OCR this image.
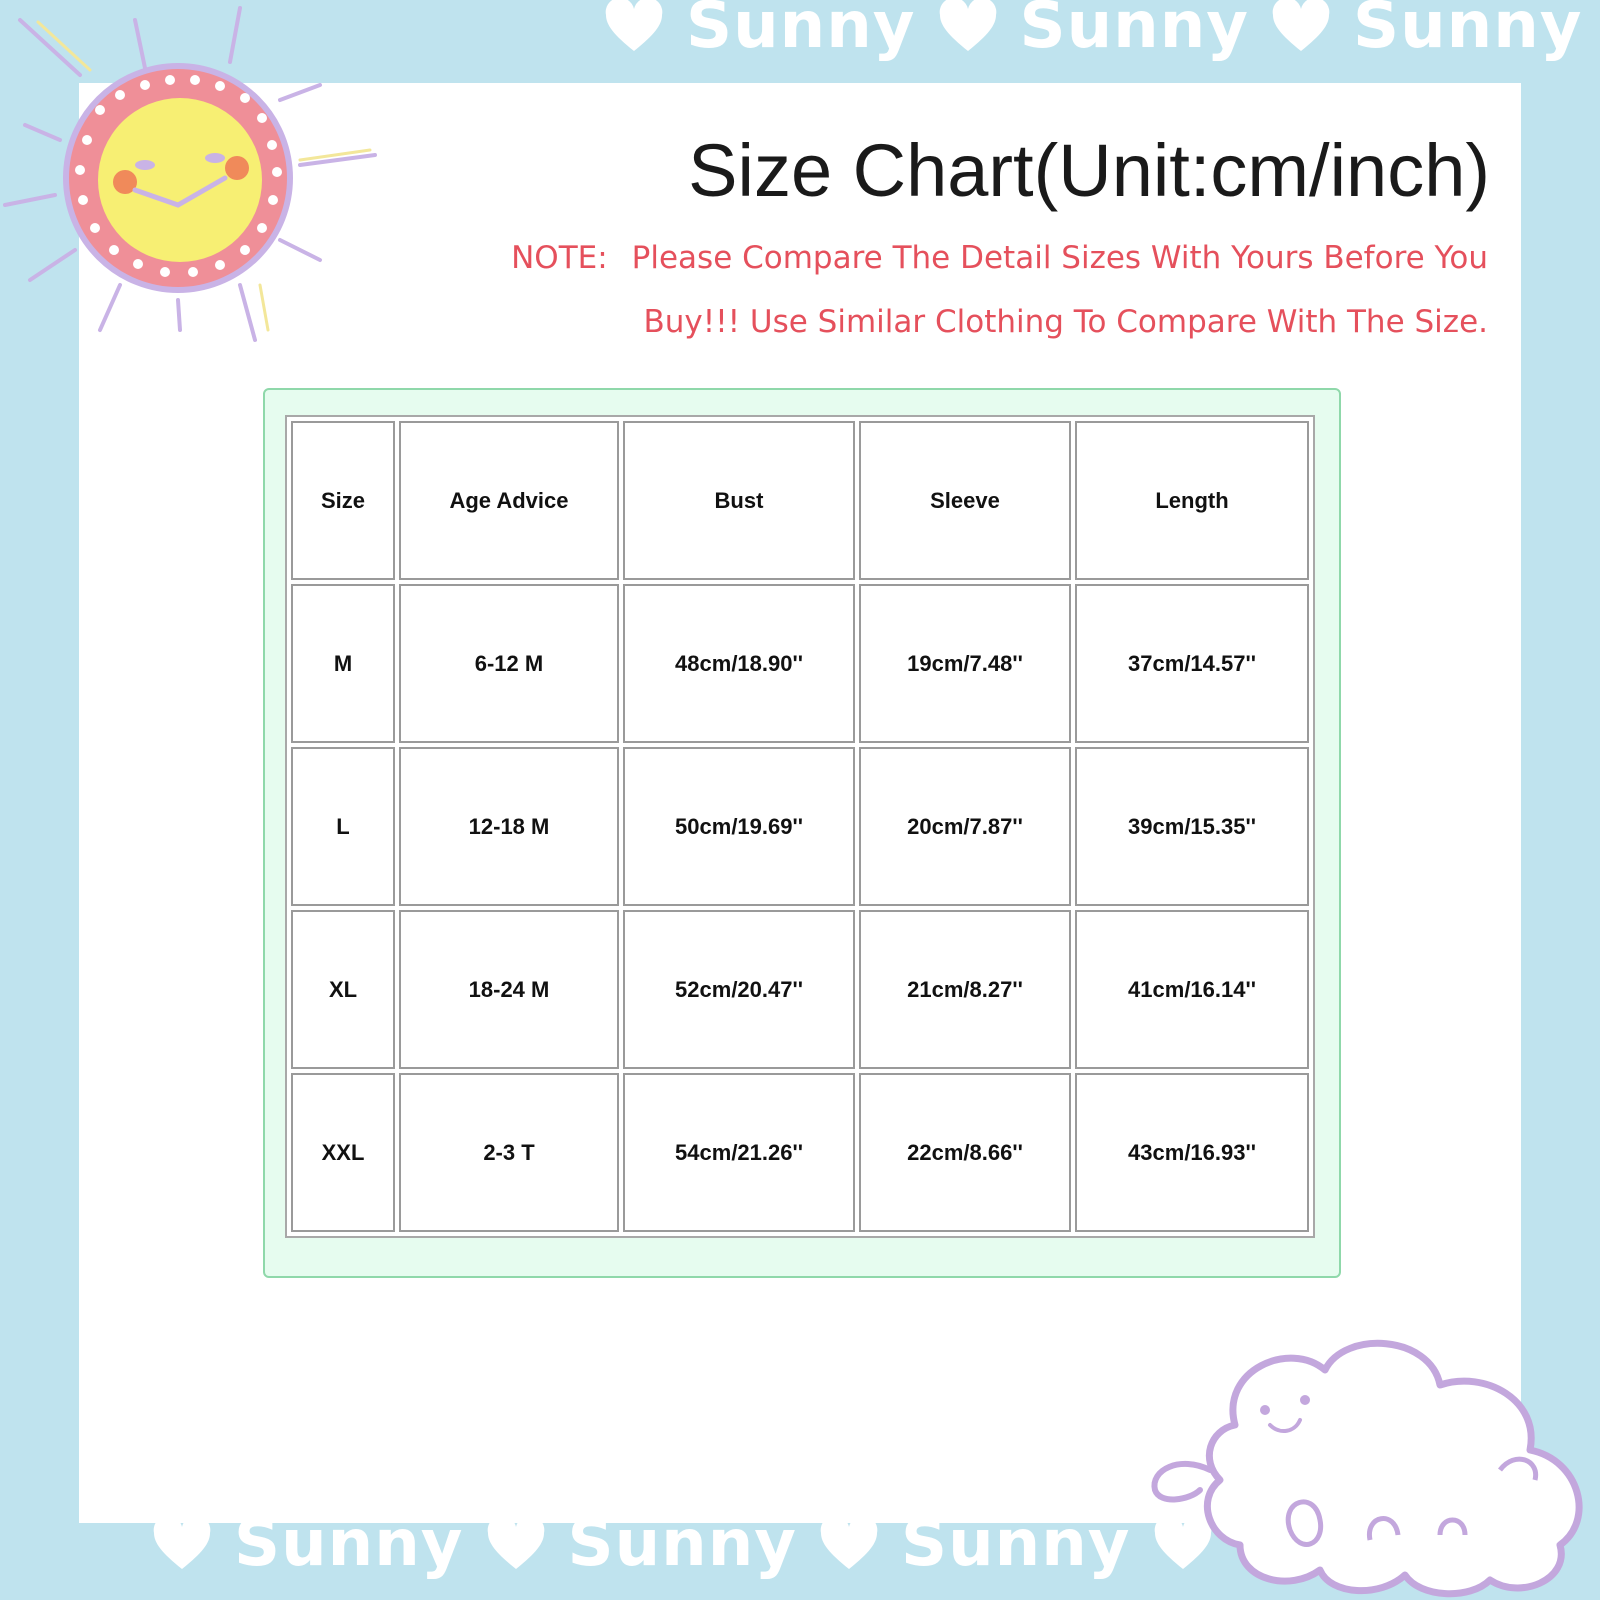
Sunny Sunny Sunny
Sunny Sunny Sunny
Size Chart(Unit:cm/inch)
NOTE: Please Compare The Detail Sizes With Yours Before You Buy!!! Use Similar Clothing To Compare With The Size.
Size	Age Advice	Bust	Sleeve	Length
M	6-12 M	48cm/18.90''	19cm/7.48''	37cm/14.57''
L	12-18 M	50cm/19.69''	20cm/7.87''	39cm/15.35''
XL	18-24 M	52cm/20.47''	21cm/8.27''	41cm/16.14''
XXL	2-3 T	54cm/21.26''	22cm/8.66''	43cm/16.93''
